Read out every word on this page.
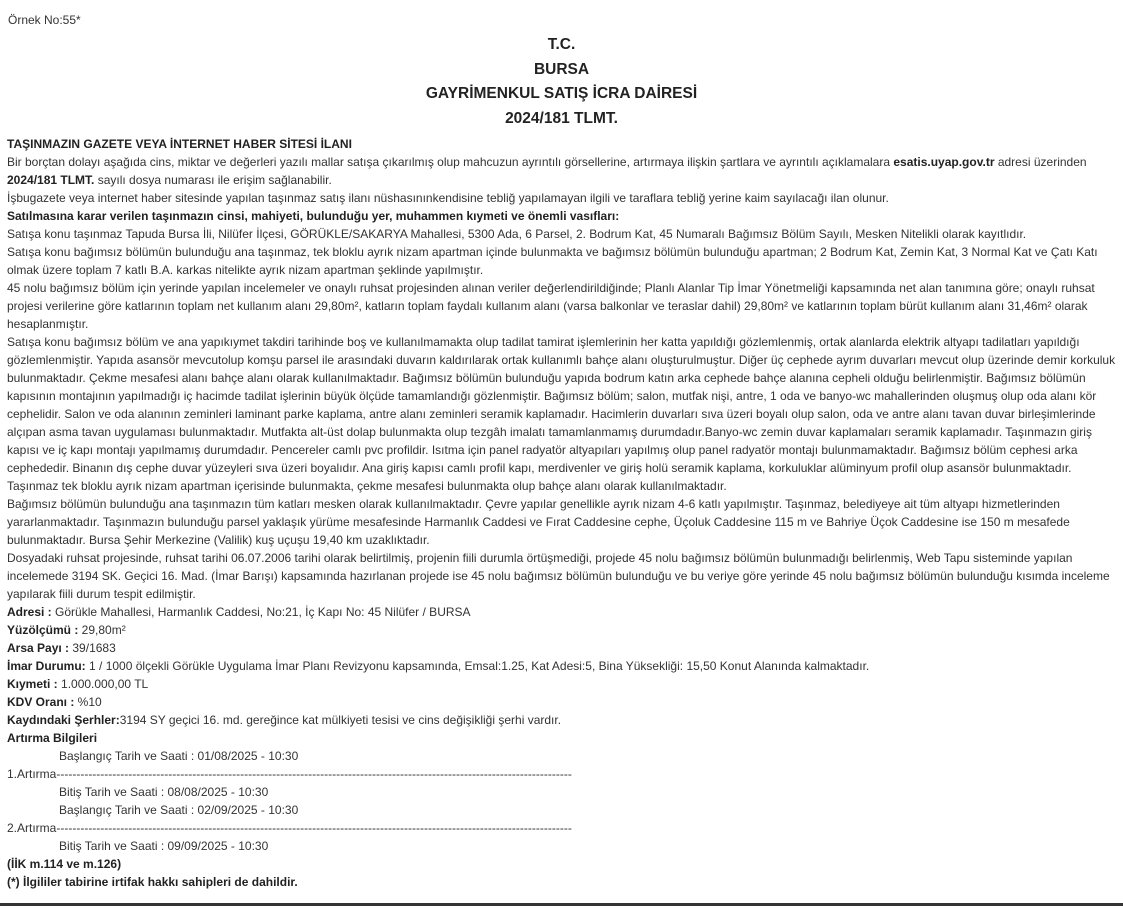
Örnek No:55*
T.C.
BURSA
GAYRİMENKUL SATIŞ İCRA DAİRESİ
2024/181 TLMT.
TAŞINMAZIN GAZETE VEYA İNTERNET HABER SİTESİ İLANI
Bir borçtan dolayı aşağıda cins, miktar ve değerleri yazılı mallar satışa çıkarılmış olup mahcuzun ayrıntılı görsellerine, artırmaya ilişkin şartlara ve ayrıntılı açıklamalara esatis.uyap.gov.tr adresi üzerinden 2024/181 TLMT. sayılı dosya numarası ile erişim sağlanabilir.
İşbugazete veya internet haber sitesinde yapılan taşınmaz satış ilanı nüshasınınkendisine tebliğ yapılamayan ilgili ve taraflara tebliğ yerine kaim sayılacağı ilan olunur.
Satılmasına karar verilen taşınmazın cinsi, mahiyeti, bulunduğu yer, muhammen kıymeti ve önemli vasıfları:
Satışa konu taşınmaz Tapuda Bursa İli, Nilüfer İlçesi, GÖRÜKLE/SAKARYA Mahallesi, 5300 Ada, 6 Parsel, 2. Bodrum Kat, 45 Numaralı Bağımsız Bölüm Sayılı, Mesken Nitelikli olarak kayıtlıdır.
Satışa konu bağımsız bölümün bulunduğu ana taşınmaz, tek bloklu ayrık nizam apartman içinde bulunmakta ve bağımsız bölümün bulunduğu apartman; 2 Bodrum Kat, Zemin Kat, 3 Normal Kat ve Çatı Katı olmak üzere toplam 7 katlı B.A. karkas nitelikte ayrık nizam apartman şeklinde yapılmıştır.
45 nolu bağımsız bölüm için yerinde yapılan incelemeler ve onaylı ruhsat projesinden alınan veriler değerlendirildiğinde; Planlı Alanlar Tip İmar Yönetmeliği kapsamında net alan tanımına göre; onaylı ruhsat projesi verilerine göre katlarının toplam net kullanım alanı 29,80m², katların toplam faydalı kullanım alanı (varsa balkonlar ve teraslar dahil) 29,80m² ve katlarının toplam bürüt kullanım alanı 31,46m² olarak hesaplanmıştır.
Satışa konu bağımsız bölüm ve ana yapıkıymet takdiri tarihinde boş ve kullanılmamakta olup tadilat tamirat işlemlerinin her katta yapıldığı gözlemlenmiş, ortak alanlarda elektrik altyapı tadilatları yapıldığı gözlemlenmiştir. Yapıda asansör mevcutolup komşu parsel ile arasındaki duvarın kaldırılarak ortak kullanımlı bahçe alanı oluşturulmuştur. Diğer üç cephede ayrım duvarları mevcut olup üzerinde demir korkuluk bulunmaktadır. Çekme mesafesi alanı bahçe alanı olarak kullanılmaktadır. Bağımsız bölümün bulunduğu yapıda bodrum katın arka cephede bahçe alanına cepheli olduğu belirlenmiştir. Bağımsız bölümün kapısının montajının yapılmadığı iç hacimde tadilat işlerinin büyük ölçüde tamamlandığı gözlenmiştir. Bağımsız bölüm; salon, mutfak nişi, antre, 1 oda ve banyo-wc mahallerinden oluşmuş olup oda alanı kör cephelidir. Salon ve oda alanının zeminleri laminant parke kaplama, antre alanı zeminleri seramik kaplamadır. Hacimlerin duvarları sıva üzeri boyalı olup salon, oda ve antre alanı tavan duvar birleşimlerinde alçıpan asma tavan uygulaması bulunmaktadır. Mutfakta alt-üst dolap bulunmakta olup tezgâh imalatı tamamlanmamış durumdadır.Banyo-wc zemin duvar kaplamaları seramik kaplamadır. Taşınmazın giriş kapısı ve iç kapı montajı yapılmamış durumdadır. Pencereler camlı pvc profildir. Isıtma için panel radyatör altyapıları yapılmış olup panel radyatör montajı bulunmamaktadır. Bağımsız bölüm cephesi arka cephededir. Binanın dış cephe duvar yüzeyleri sıva üzeri boyalıdır. Ana giriş kapısı camlı profil kapı, merdivenler ve giriş holü seramik kaplama, korkuluklar alüminyum profil olup asansör bulunmaktadır. Taşınmaz tek bloklu ayrık nizam apartman içerisinde bulunmakta, çekme mesafesi bulunmakta olup bahçe alanı olarak kullanılmaktadır.
Bağımsız bölümün bulunduğu ana taşınmazın tüm katları mesken olarak kullanılmaktadır. Çevre yapılar genellikle ayrık nizam 4-6 katlı yapılmıştır. Taşınmaz, belediyeye ait tüm altyapı hizmetlerinden yararlanmaktadır. Taşınmazın bulunduğu parsel yaklaşık yürüme mesafesinde Harmanlık Caddesi ve Fırat Caddesine cephe, Üçoluk Caddesine 115 m ve Bahriye Üçok Caddesine ise 150 m mesafede bulunmaktadır. Bursa Şehir Merkezine (Valilik) kuş uçuşu 19,40 km uzaklıktadır.
Dosyadaki ruhsat projesinde, ruhsat tarihi 06.07.2006 tarihi olarak belirtilmiş, projenin fiili durumla örtüşmediği, projede 45 nolu bağımsız bölümün bulunmadığı belirlenmiş, Web Tapu sisteminde yapılan incelemede 3194 SK. Geçici 16. Mad. (İmar Barışı) kapsamında hazırlanan projede ise 45 nolu bağımsız bölümün bulunduğu ve bu veriye göre yerinde 45 nolu bağımsız bölümün bulunduğu kısımda inceleme yapılarak fiili durum tespit edilmiştir.
Adresi : Görükle Mahallesi, Harmanlık Caddesi, No:21, İç Kapı No: 45 Nilüfer / BURSA
Yüzölçümü : 29,80m²
Arsa Payı : 39/1683
İmar Durumu: 1 / 1000 ölçekli Görükle Uygulama İmar Planı Revizyonu kapsamında, Emsal:1.25, Kat Adesi:5, Bina Yüksekliği: 15,50 Konut Alanında kalmaktadır.
Kıymeti : 1.000.000,00 TL
KDV Oranı : %10
Kaydındaki Şerhler:3194 SY geçici 16. md. gereğince kat mülkiyeti tesisi ve cins değişikliği şerhi vardır.
Artırma Bilgileri
Başlangıç Tarih ve Saati : 01/08/2025 - 10:30
1.Artırma---------------------------------------------------------------------------------------------------------------------------------
Bitiş Tarih ve Saati : 08/08/2025 - 10:30
Başlangıç Tarih ve Saati : 02/09/2025 - 10:30
2.Artırma---------------------------------------------------------------------------------------------------------------------------------
Bitiş Tarih ve Saati : 09/09/2025 - 10:30
(İİK m.114 ve m.126)
(*) İlgililer tabirine irtifak hakkı sahipleri de dahildir.
